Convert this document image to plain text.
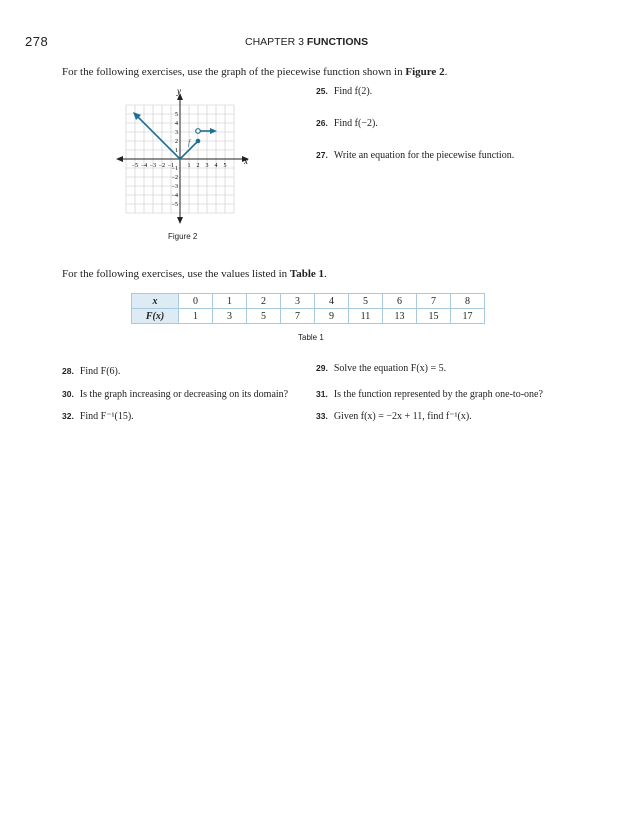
278	CHAPTER 3 FUNCTIONS
For the following exercises, use the graph of the piecewise function shown in Figure 2.
x
y
−5 −4 −3 −2 −1 1 2 3 4 5
5
4
3
2
1
−1
−2
−3
−4
−5
f
Figure 2
25. Find f(2).
26. Find f(−2).
27. Write an equation for the piecewise function.
For the following exercises, use the values listed in Table 1.
x	0	1	2	3	4	5	6	7	8
F(x)	1	3	5	7	9	11	13	15	17
Table 1
28. Find F(6).	29. Solve the equation F(x) = 5.
30. Is the graph increasing or decreasing on its domain?	31. Is the function represented by the graph one-to-one?
32. Find F⁻¹(15).	33. Given f(x) = −2x + 11, find f⁻¹(x).
